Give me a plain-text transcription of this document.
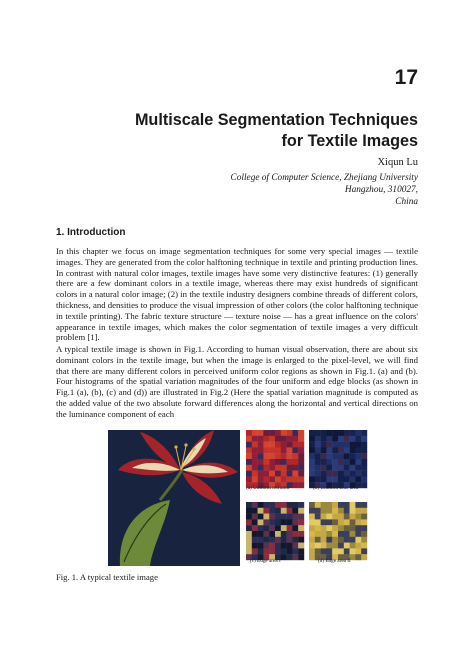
17
Multiscale Segmentation Techniques
for Textile Images
Xiqun Lu
College of Computer Science, Zhejiang University
Hangzhou, 310027,
China
1. Introduction

In this chapter we focus on image segmentation techniques for some very special images — textile images. They are generated from the color halftoning technique in textile and printing production lines. In contrast with natural color images, textile images have some very distinctive features: (1) generally there are a few dominant colors in a textile image, whereas there may exist hundreds of significant colors in a natural color image; (2) in the textile industry designers combine threads of different colors, thickness, and densities to produce the visual impression of other colors (the color halftoning technique in textile printing). The fabric texture structure — texture noise — has a great influence on the colors' appearance in textile images, which makes the color segmentation of textile images a very difficult problem [1].

A typical textile image is shown in Fig.1. According to human visual observation, there are about six dominant colors in the textile image, but when the image is enlarged to the pixel-level, we will find that there are many different colors in perceived uniform color regions as shown in Fig.1. (a) and (b). Four histograms of the spatial variation magnitudes of the four uniform and edge blocks (as shown in Fig.1 (a), (b), (c) and (d)) are illustrated in Fig.2 (Here the spatial variation magnitude is computed as the added value of the two absolute forward differences along the horizontal and vertical directions on the luminance component of each

(a) Uniform red area	(b) Uniform blue area
(c) Edge area I	(d) Edge area II
Fig. 1. A typical textile image
